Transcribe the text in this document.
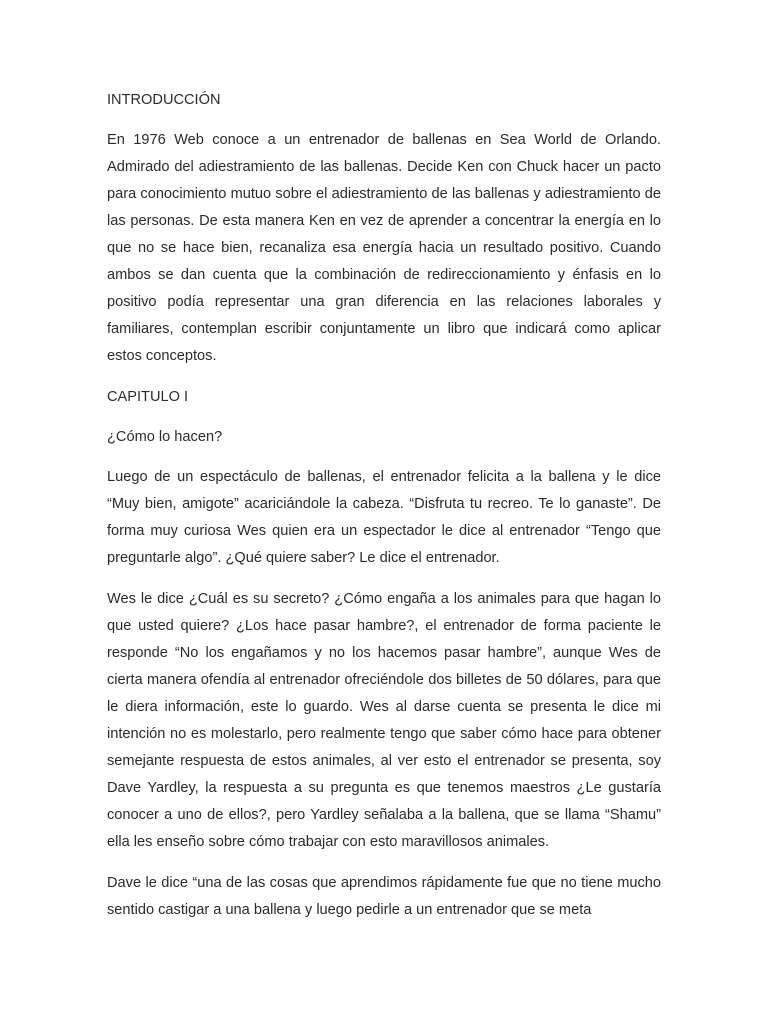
INTRODUCCIÓN

En 1976 Web conoce a un entrenador de ballenas en Sea World de Orlando. Admirado del adiestramiento de las ballenas. Decide Ken con Chuck hacer un pacto para conocimiento mutuo sobre el adiestramiento de las ballenas y adiestramiento de las personas. De esta manera Ken en vez de aprender a concentrar la energía en lo que no se hace bien, recanaliza esa energía hacia un resultado positivo. Cuando ambos se dan cuenta que la combinación de redireccionamiento y énfasis en lo positivo podía representar una gran diferencia en las relaciones laborales y familiares, contemplan escribir conjuntamente un libro que indicará como aplicar estos conceptos.

CAPITULO I

¿Cómo lo hacen?

Luego de un espectáculo de ballenas, el entrenador felicita a la ballena y le dice “Muy bien, amigote” acariciándole la cabeza. “Disfruta tu recreo. Te lo ganaste”. De forma muy curiosa Wes quien era un espectador le dice al entrenador “Tengo que preguntarle algo”. ¿Qué quiere saber? Le dice el entrenador.

Wes le dice ¿Cuál es su secreto? ¿Cómo engaña a los animales para que hagan lo que usted quiere? ¿Los hace pasar hambre?, el entrenador de forma paciente le responde “No los engañamos y no los hacemos pasar hambre”, aunque Wes de cierta manera ofendía al entrenador ofreciéndole dos billetes de 50 dólares, para que le diera información, este lo guardo. Wes al darse cuenta se presenta le dice mi intención no es molestarlo, pero realmente tengo que saber cómo hace para obtener semejante respuesta de estos animales, al ver esto el entrenador se presenta, soy Dave Yardley, la respuesta a su pregunta es que tenemos maestros ¿Le gustaría conocer a uno de ellos?, pero Yardley señalaba a la ballena, que se llama “Shamu” ella les enseño sobre cómo trabajar con esto maravillosos animales.

Dave le dice “una de las cosas que aprendimos rápidamente fue que no tiene mucho sentido castigar a una ballena y luego pedirle a un entrenador que se meta
